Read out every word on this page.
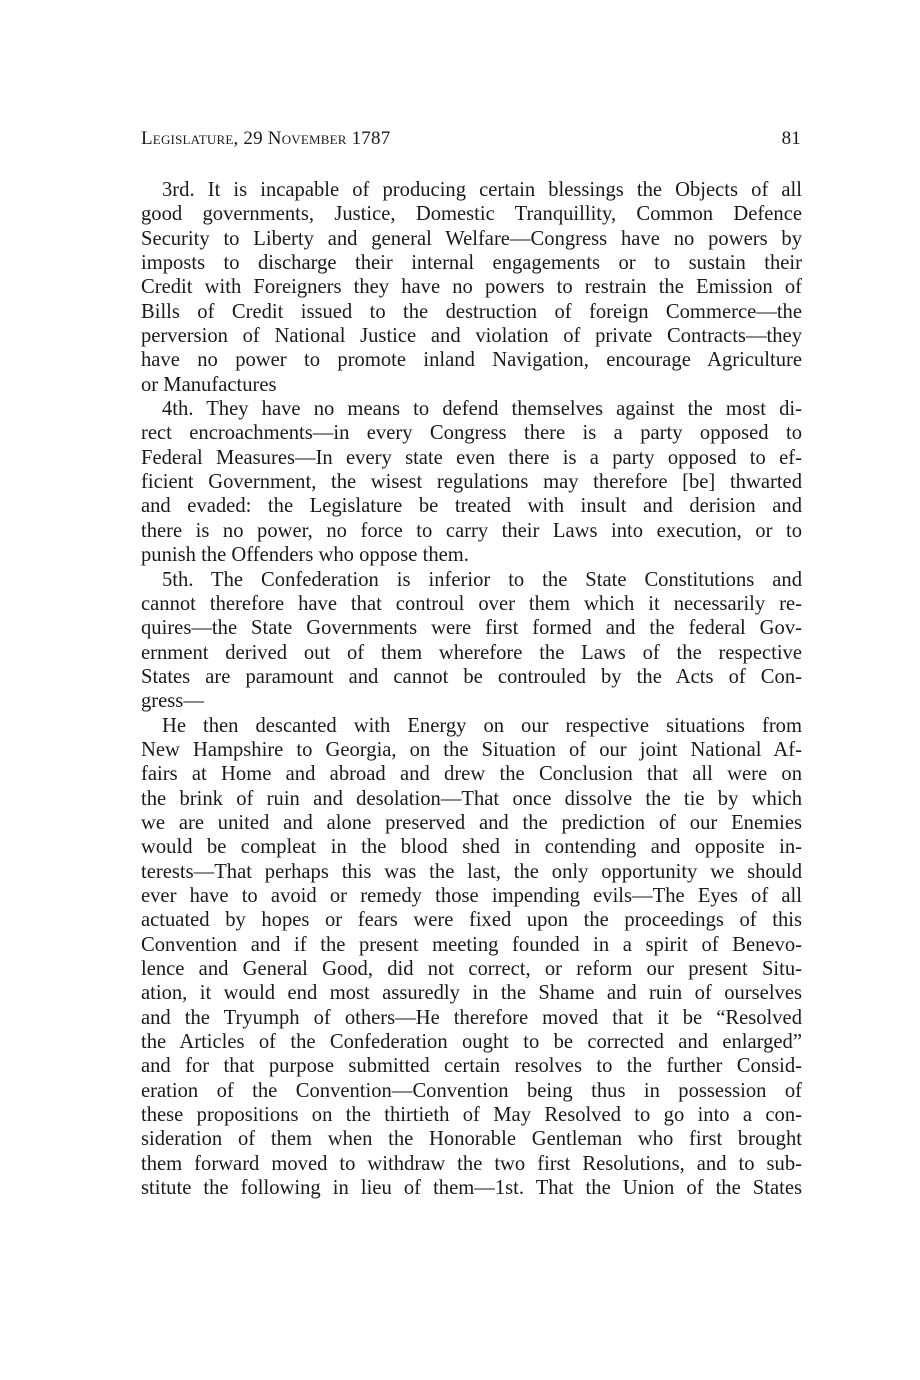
Legislature, 29 November 1787	81
3rd. It is incapable of producing certain blessings the Objects of all
good governments, Justice, Domestic Tranquillity, Common Defence
Security to Liberty and general Welfare—Congress have no powers by
imposts to discharge their internal engagements or to sustain their
Credit with Foreigners they have no powers to restrain the Emission of
Bills of Credit issued to the destruction of foreign Commerce—the
perversion of National Justice and violation of private Contracts—they
have no power to promote inland Navigation, encourage Agriculture
or Manufactures
4th. They have no means to defend themselves against the most di-
rect encroachments—in every Congress there is a party opposed to
Federal Measures—In every state even there is a party opposed to ef-
ficient Government, the wisest regulations may therefore [be] thwarted
and evaded: the Legislature be treated with insult and derision and
there is no power, no force to carry their Laws into execution, or to
punish the Offenders who oppose them.
5th. The Confederation is inferior to the State Constitutions and
cannot therefore have that controul over them which it necessarily re-
quires—the State Governments were first formed and the federal Gov-
ernment derived out of them wherefore the Laws of the respective
States are paramount and cannot be controuled by the Acts of Con-
gress—
He then descanted with Energy on our respective situations from
New Hampshire to Georgia, on the Situation of our joint National Af-
fairs at Home and abroad and drew the Conclusion that all were on
the brink of ruin and desolation—That once dissolve the tie by which
we are united and alone preserved and the prediction of our Enemies
would be compleat in the blood shed in contending and opposite in-
terests—That perhaps this was the last, the only opportunity we should
ever have to avoid or remedy those impending evils—The Eyes of all
actuated by hopes or fears were fixed upon the proceedings of this
Convention and if the present meeting founded in a spirit of Benevo-
lence and General Good, did not correct, or reform our present Situ-
ation, it would end most assuredly in the Shame and ruin of ourselves
and the Tryumph of others—He therefore moved that it be “Resolved
the Articles of the Confederation ought to be corrected and enlarged”
and for that purpose submitted certain resolves to the further Consid-
eration of the Convention—Convention being thus in possession of
these propositions on the thirtieth of May Resolved to go into a con-
sideration of them when the Honorable Gentleman who first brought
them forward moved to withdraw the two first Resolutions, and to sub-
stitute the following in lieu of them—1st. That the Union of the States
